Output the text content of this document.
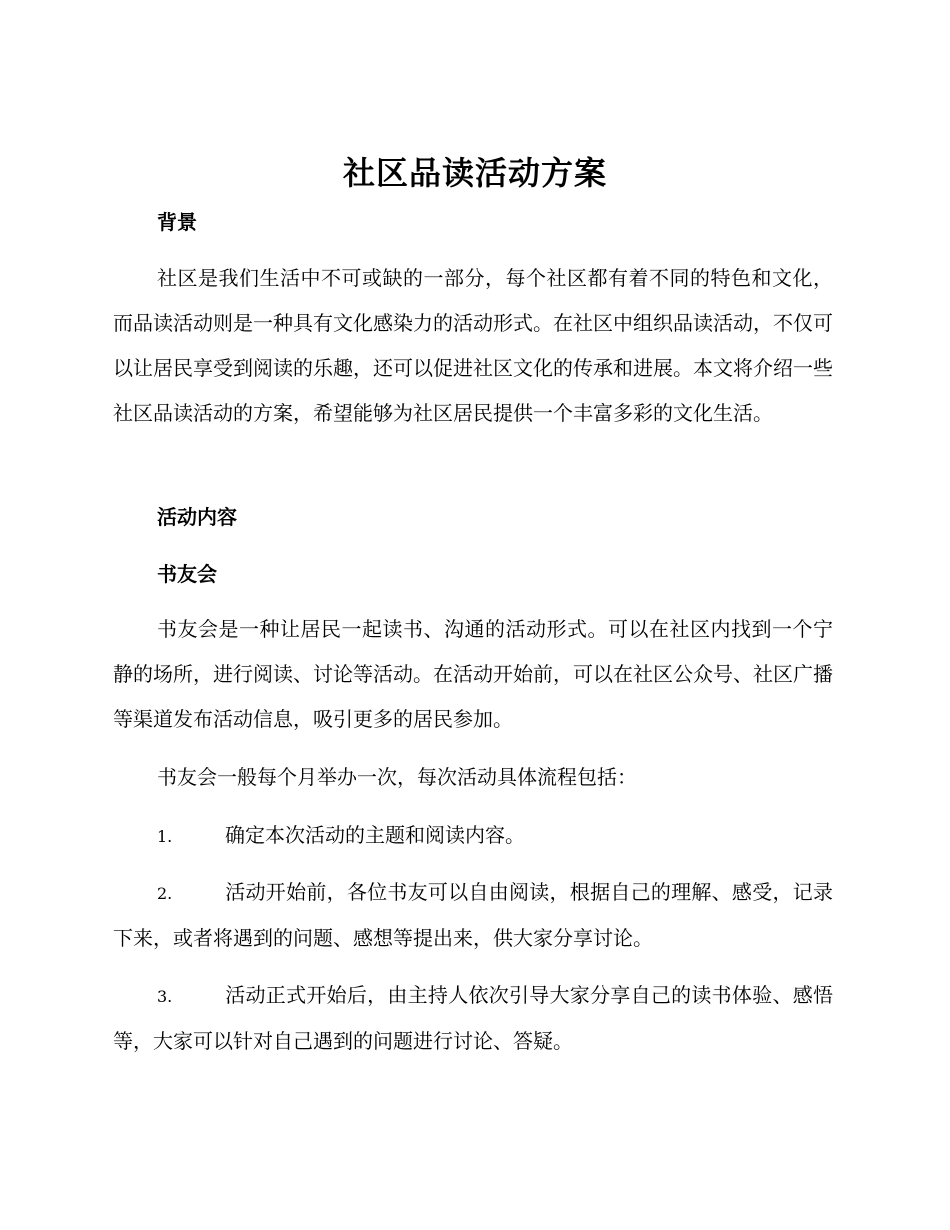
社区品读活动方案
背景

社区是我们生活中不可或缺的一部分，每个社区都有着不同的特色和文化，而品读活动则是一种具有文化感染力的活动形式。在社区中组织品读活动，不仅可以让居民享受到阅读的乐趣，还可以促进社区文化的传承和进展。本文将介绍一些社区品读活动的方案，希望能够为社区居民提供一个丰富多彩的文化生活。

活动内容
书友会

书友会是一种让居民一起读书、沟通的活动形式。可以在社区内找到一个宁静的场所，进行阅读、讨论等活动。在活动开始前，可以在社区公众号、社区广播等渠道发布活动信息，吸引更多的居民参加。

书友会一般每个月举办一次，每次活动具体流程包括：

1.	确定本次活动的主题和阅读内容。

2.	活动开始前，各位书友可以自由阅读，根据自己的理解、感受，记录下来，或者将遇到的问题、感想等提出来，供大家分享讨论。

3.	活动正式开始后，由主持人依次引导大家分享自己的读书体验、感悟等，大家可以针对自己遇到的问题进行讨论、答疑。
